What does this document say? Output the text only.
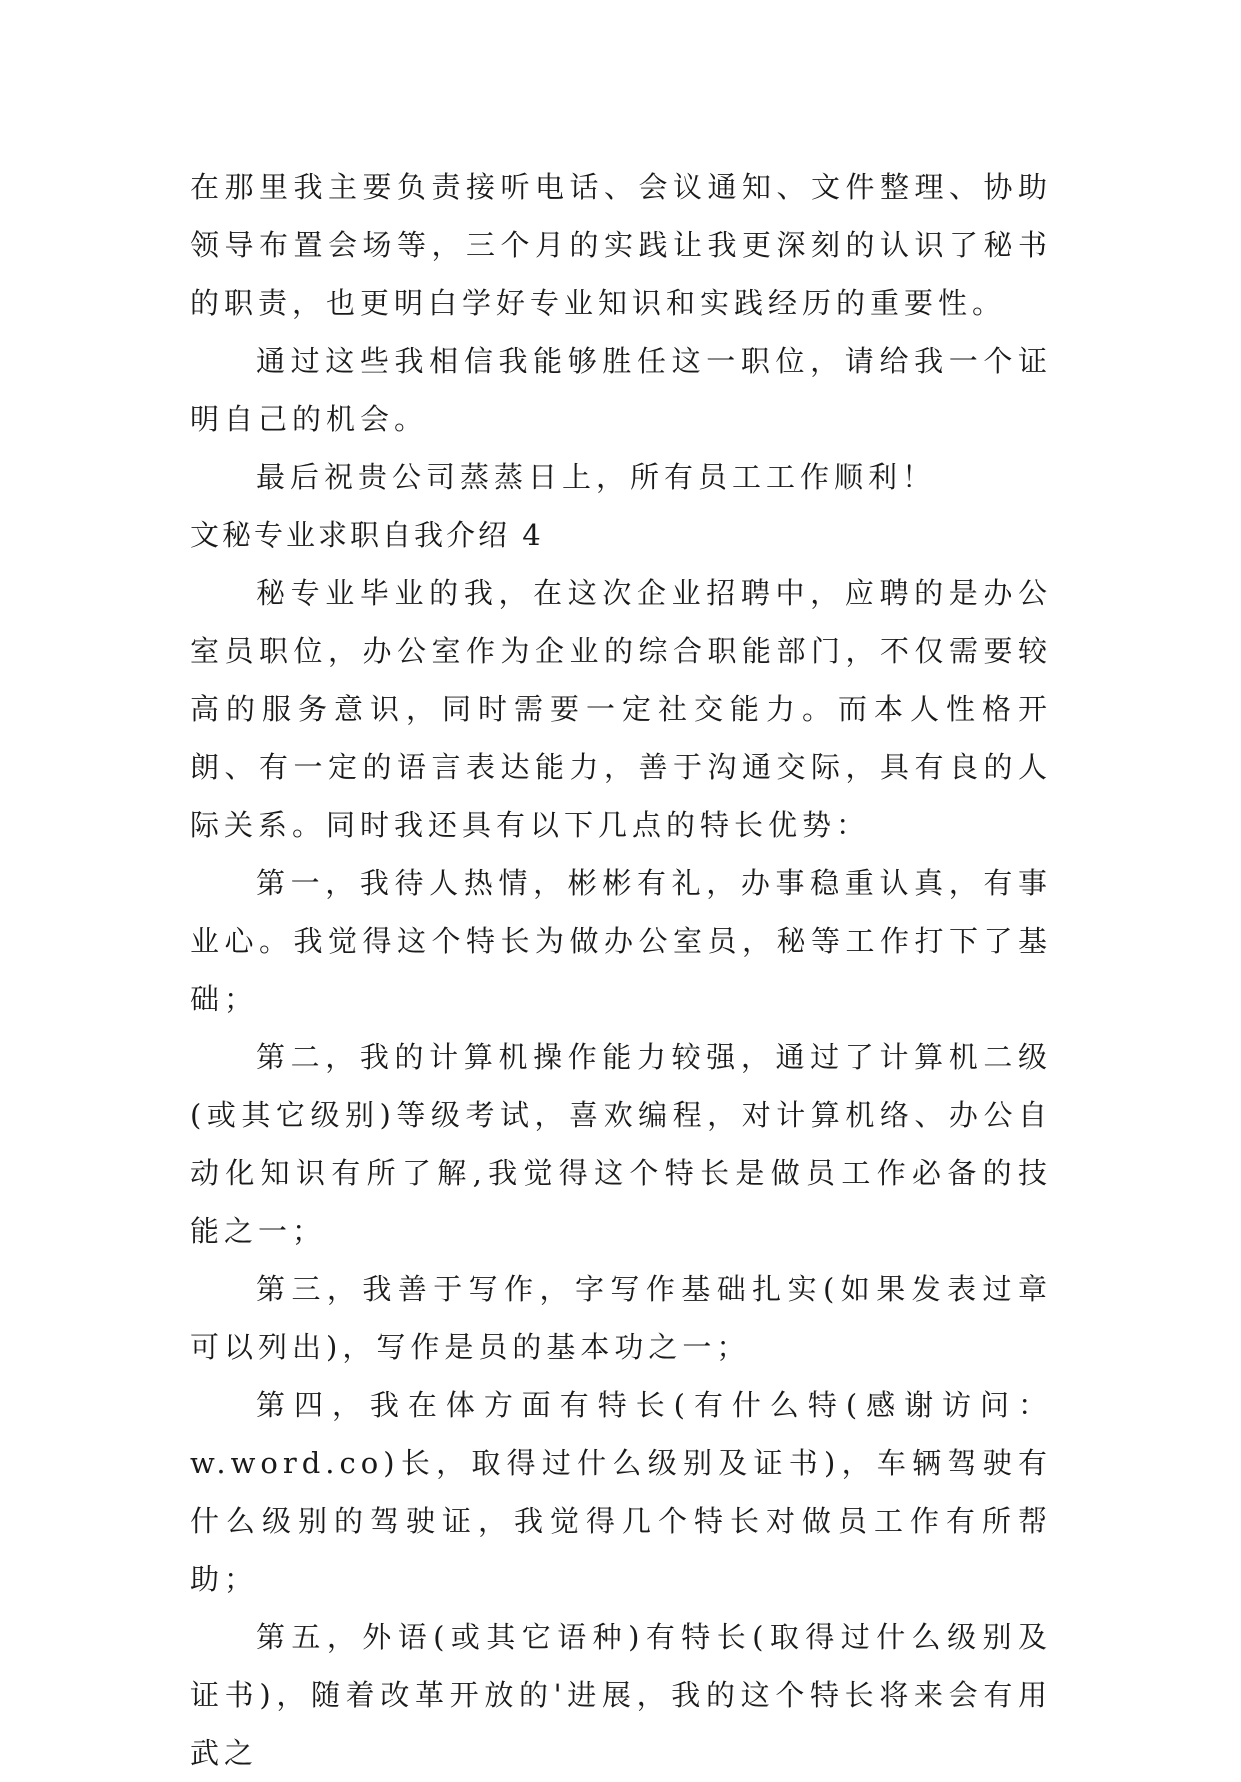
在那里我主要负责接听电话、会议通知、文件整理、协助领导布置会场等，三个月的实践让我更深刻的认识了秘书的职责，也更明白学好专业知识和实践经历的重要性。

通过这些我相信我能够胜任这一职位，请给我一个证明自己的机会。

最后祝贵公司蒸蒸日上，所有员工工作顺利！

文秘专业求职自我介绍 4

秘专业毕业的我，在这次企业招聘中，应聘的是办公室员职位，办公室作为企业的综合职能部门，不仅需要较高的服务意识，同时需要一定社交能力。而本人性格开朗、有一定的语言表达能力，善于沟通交际，具有良的人际关系。同时我还具有以下几点的特长优势：

第一，我待人热情，彬彬有礼，办事稳重认真，有事业心。我觉得这个特长为做办公室员，秘等工作打下了基础；

第二，我的计算机操作能力较强，通过了计算机二级(或其它级别)等级考试，喜欢编程，对计算机络、办公自动化知识有所了解,我觉得这个特长是做员工作必备的技能之一；

第三，我善于写作，字写作基础扎实(如果发表过章可以列出)，写作是员的基本功之一；

第四，我在体方面有特长(有什么特(感谢访问：w.word.co)长，取得过什么级别及证书)，车辆驾驶有什么级别的驾驶证，我觉得几个特长对做员工作有所帮助；

第五，外语(或其它语种)有特长(取得过什么级别及证书)，随着改革开放的'进展，我的这个特长将来会有用武之
